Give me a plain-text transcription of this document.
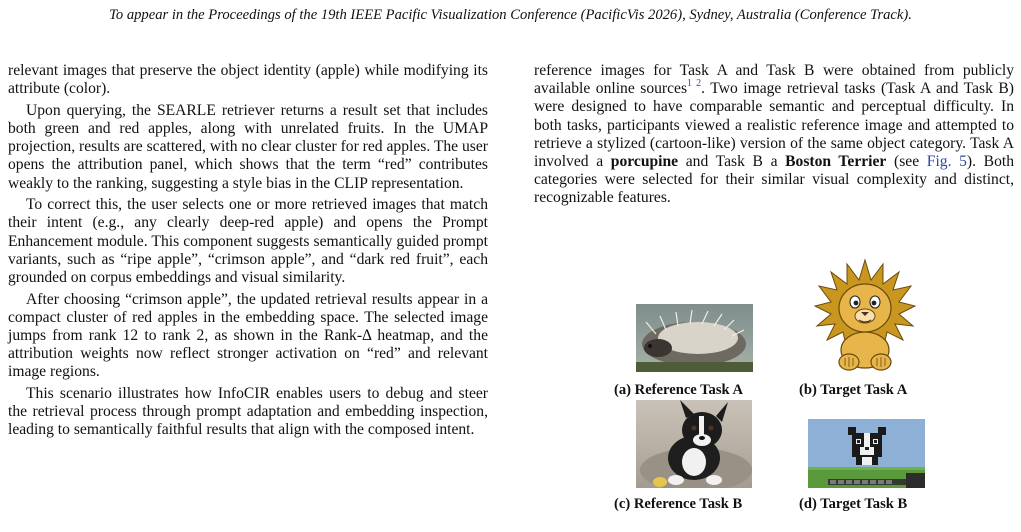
To appear in the Proceedings of the 19th IEEE Pacific Visualization Conference (PacificVis 2026), Sydney, Australia (Conference Track).

relevant images that preserve the object identity (apple) while modifying its attribute (color).

Upon querying, the SEARLE retriever returns a result set that includes both green and red apples, along with unrelated fruits. In the UMAP projection, results are scattered, with no clear cluster for red apples. The user opens the attribution panel, which shows that the term “red” contributes weakly to the ranking, suggesting a style bias in the CLIP representation.

To correct this, the user selects one or more retrieved images that match their intent (e.g., any clearly deep-red apple) and opens the Prompt Enhancement module. This component suggests semantically guided prompt variants, such as “ripe apple”, “crimson apple”, and “dark red fruit”, each grounded on corpus embeddings and visual similarity.

After choosing “crimson apple”, the updated retrieval results appear in a compact cluster of red apples in the embedding space. The selected image jumps from rank 12 to rank 2, as shown in the Rank-Δ heatmap, and the attribution weights now reflect stronger activation on “red” and relevant image regions.

This scenario illustrates how InfoCIR enables users to debug and steer the retrieval process through prompt adaptation and embedding inspection, leading to semantically faithful results that align with the composed intent.

reference images for Task A and Task B were obtained from publicly available online sources$^1$ $^2$. Two image retrieval tasks (Task A and Task B) were designed to have comparable semantic and perceptual difficulty. In both tasks, participants viewed a realistic reference image and attempted to retrieve a stylized (cartoon-like) version of the same object category. Task A involved a porcupine and Task B a Boston Terrier (see Fig. 5). Both categories were selected for their similar visual complexity and distinct, recognizable features.

(a) Reference Task A	(b) Target Task A
(c) Reference Task B	(d) Target Task B
